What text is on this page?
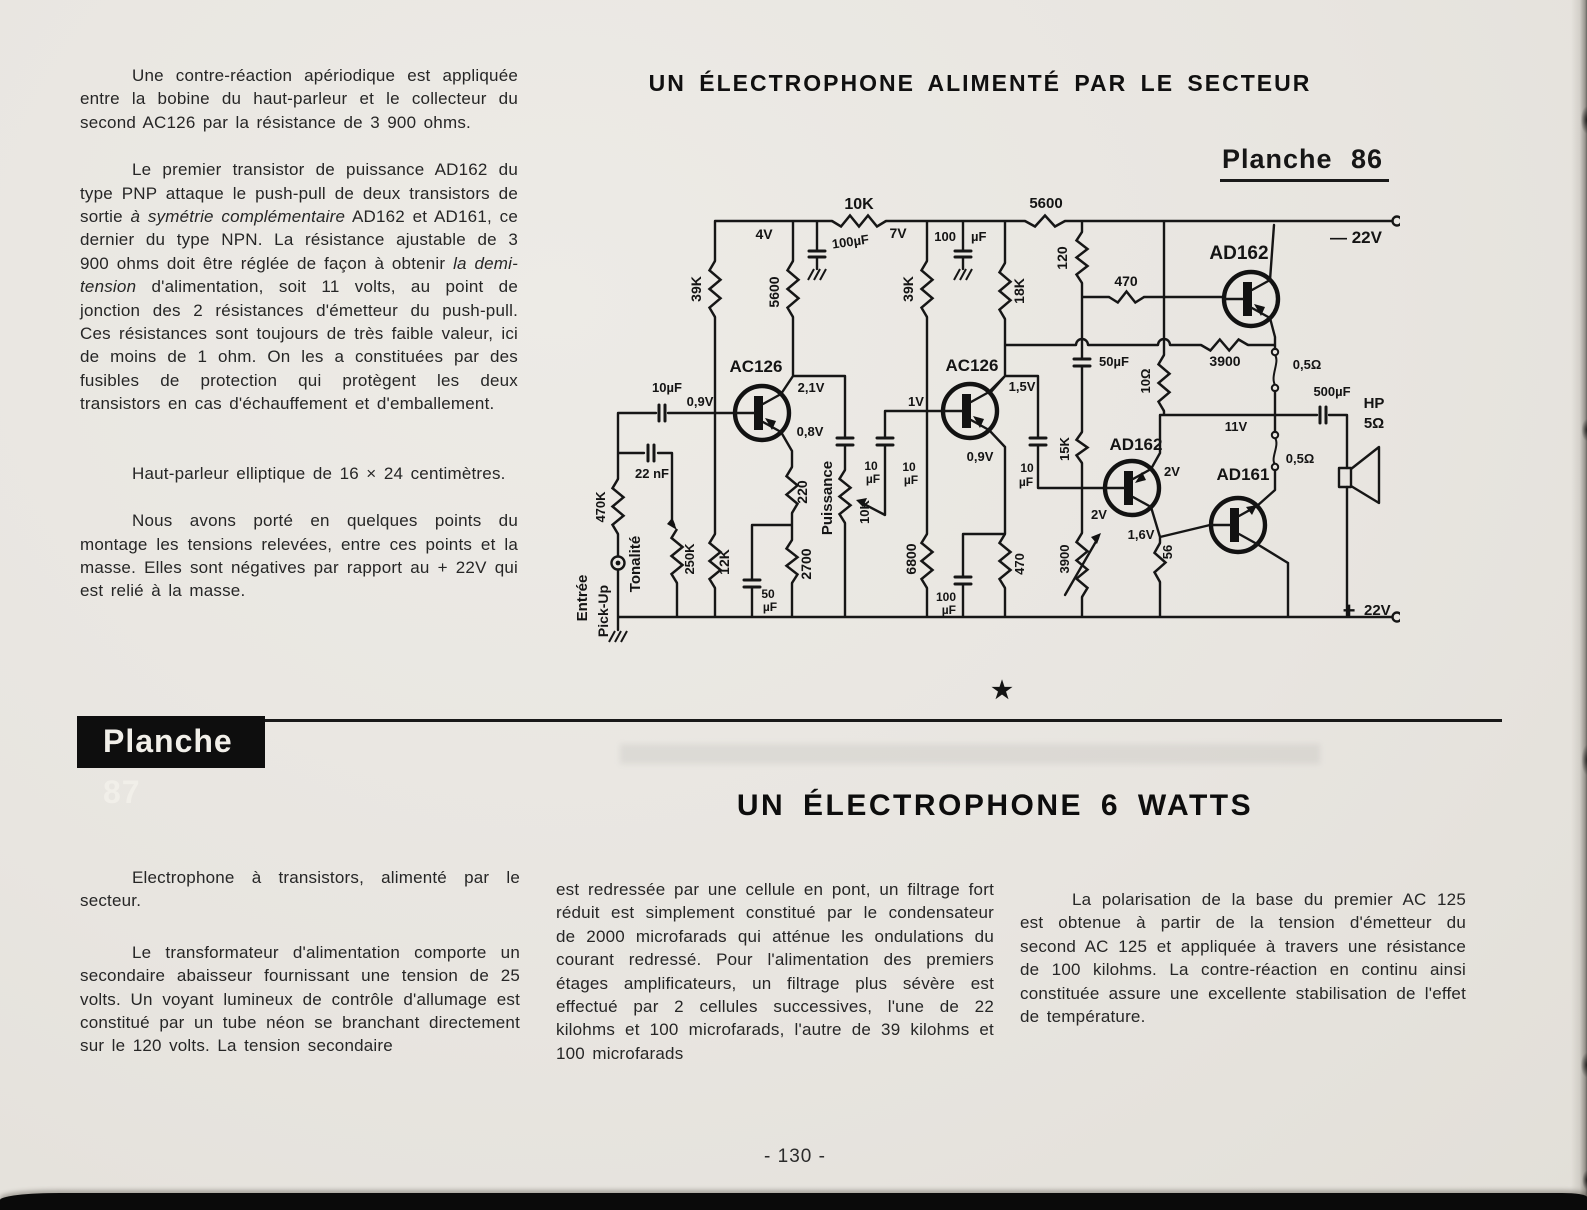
Une contre-réaction apériodique est appliquée entre la bobine du haut-parleur et le collecteur du second AC126 par la résistance de 3 900 ohms.

Le premier transistor de puissance AD162 du type PNP attaque le push-pull de deux transistors de sortie à symétrie complémentaire AD162 et AD161, ce dernier du type NPN. La résistance ajustable de 3 900 ohms doit être réglée de façon à obtenir la demi-tension d'alimentation, soit 11 volts, au point de jonction des 2 résistances d'émetteur du push-pull. Ces résistances sont toujours de très faible valeur, ici de moins de 1 ohm. On les a constituées par des fusibles de protection qui protègent les deux transistors en cas d'échauffement et d'emballement.

Haut-parleur elliptique de 16 × 24 centimètres.

Nous avons porté en quelques points du montage les tensions relevées, entre ces points et la masse. Elles sont négatives par rapport au + 22V qui est relié à la masse.

UN ÉLECTROPHONE ALIMENTÉ PAR LE SECTEUR
Planche 86
10K
4V	7V
100µF	100 µF
5600
— 22V
39K	5600	39K	18K
120
470
AD162
AC126
2,1V
0,9V
10µF
0,8V
AC126
1,5V
1V
0,9V
50µF
10Ω
3900	0,5Ω
500µF
HP
5Ω
11V
15K AD162
2V
2V
1,6V
AD161
0,5Ω
10
µF
3900	56
470
6800
100
µF
220
2700
50
µF
Puissance 10K
10
µF
10
µF
22 nF
470K
Tonalité	250K 12K
Entrée Pick-Up	+ 22V
★
Planche 87	UN ÉLECTROPHONE 6 WATTS

Electrophone à transistors, alimenté par le secteur.

Le transformateur d'alimentation comporte un secondaire abaisseur fournissant une tension de 25 volts. Un voyant lumineux de contrôle d'allumage est constitué par un tube néon se branchant directement sur le 120 volts. La tension secondaire

est redressée par une cellule en pont, un filtrage fort réduit est simplement constitué par le condensateur de 2000 microfarads qui atténue les ondulations du courant redressé. Pour l'alimentation des premiers étages amplificateurs, un filtrage plus sévère est effectué par 2 cellules successives, l'une de 22 kilohms et 100 microfarads, l'autre de 39 kilohms et 100 microfarads

La polarisation de la base du premier AC 125 est obtenue à partir de la tension d'émetteur du second AC 125 et appliquée à travers une résistance de 100 kilohms. La contre-réaction en continu ainsi constituée assure une excellente stabilisation de l'effet de température.

- 130 -
